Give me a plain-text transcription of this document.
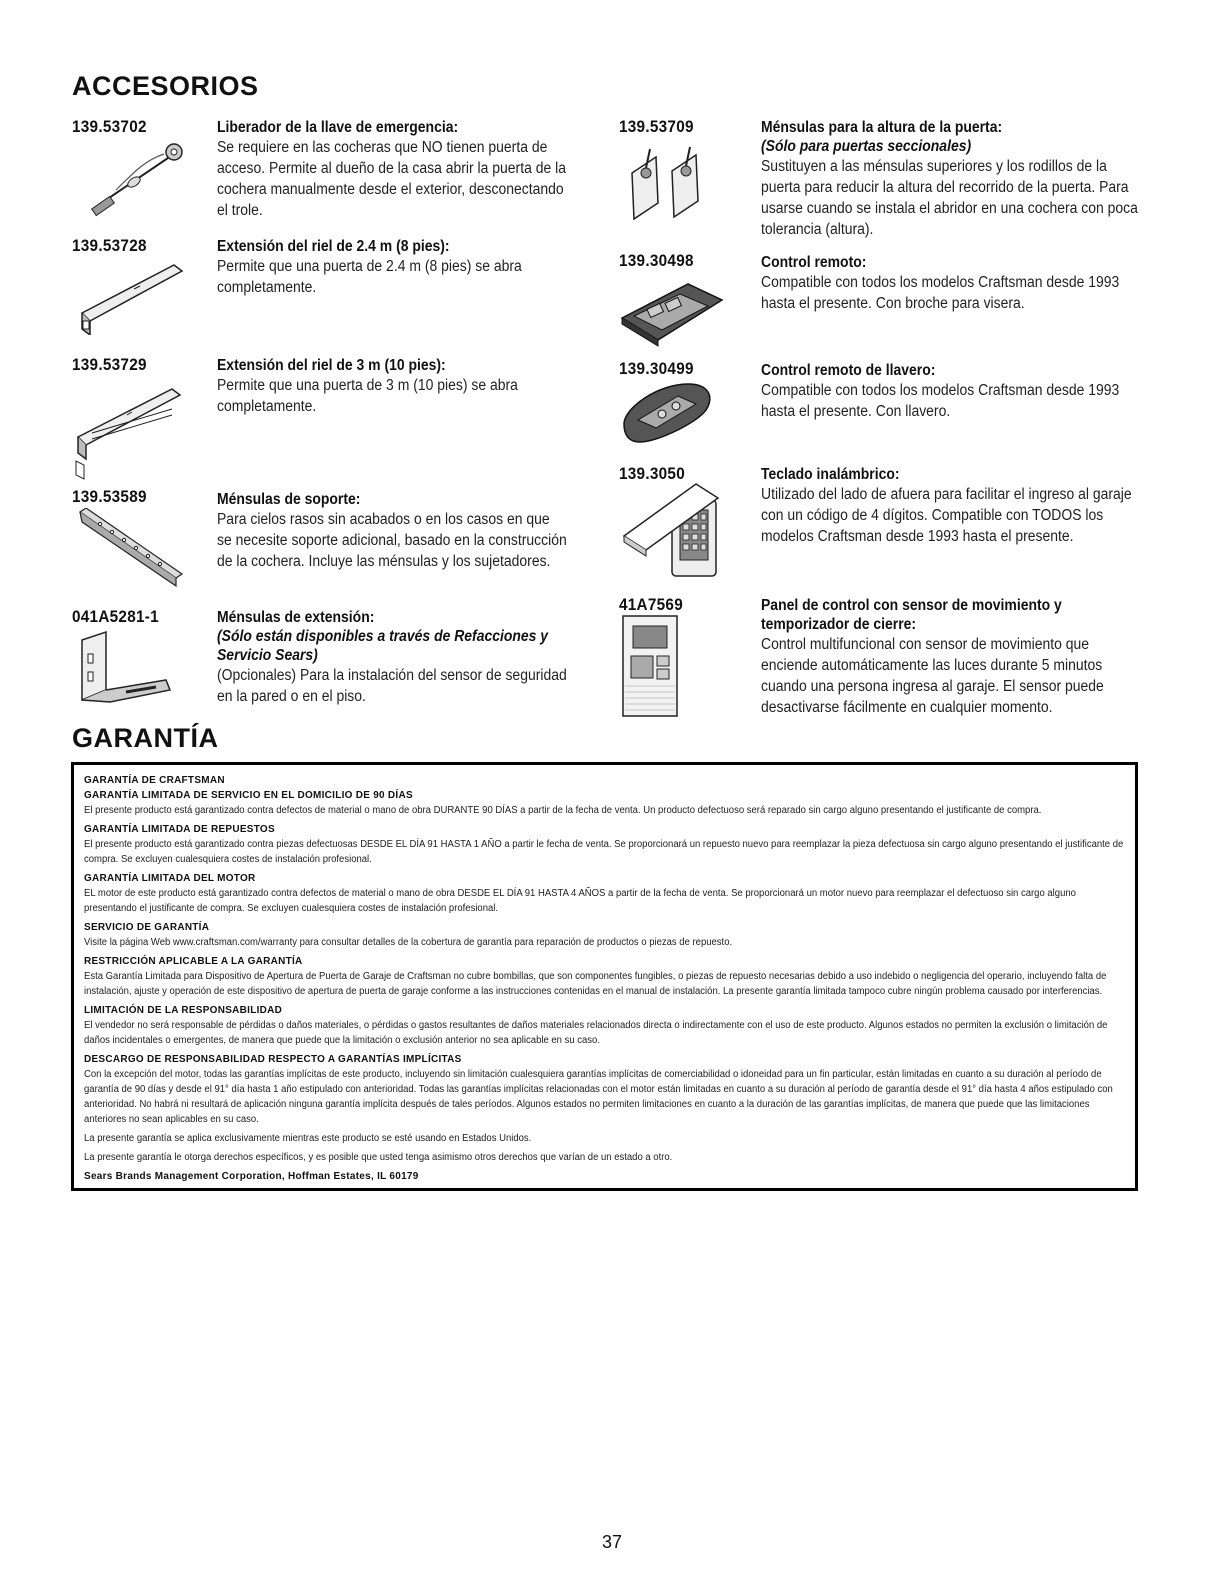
ACCESORIOS
139.53702	Liberador de la llave de emergencia:
Se requiere en las cocheras que NO tienen puerta de acceso. Permite al dueño de la casa abrir la puerta de la cochera manualmente desde el exterior, desconectando el trole.
139.53728	Extensión del riel de 2.4 m (8 pies):
Permite que una puerta de 2.4 m (8 pies) se abra completamente.
139.53729	Extensión del riel de 3 m (10 pies):
Permite que una puerta de 3 m (10 pies) se abra completamente.
139.53589	Ménsulas de soporte:
Para cielos rasos sin acabados o en los casos en que se necesite soporte adicional, basado en la construcción de la cochera. Incluye las ménsulas y los sujetadores.
041A5281-1	Ménsulas de extensión:
(Sólo están disponibles a través de Refacciones y Servicio Sears)
(Opcionales) Para la instalación del sensor de seguridad en la pared o en el piso.
139.53709	Ménsulas para la altura de la puerta:
(Sólo para puertas seccionales)
Sustituyen a las ménsulas superiores y los rodillos de la puerta para reducir la altura del recorrido de la puerta. Para usarse cuando se instala el abridor en una cochera con poca tolerancia (altura).
139.30498	Control remoto:
Compatible con todos los modelos Craftsman desde 1993 hasta el presente. Con broche para visera.
139.30499	Control remoto de llavero:
Compatible con todos los modelos Craftsman desde 1993 hasta el presente. Con llavero.
139.3050	Teclado inalámbrico:
Utilizado del lado de afuera para facilitar el ingreso al garaje con un código de 4 dígitos. Compatible con TODOS los modelos Craftsman desde 1993 hasta el presente.
41A7569	Panel de control con sensor de movimiento y temporizador de cierre:
Control multifuncional con sensor de movimiento que enciende automáticamente las luces durante 5 minutos cuando una persona ingresa al garaje. El sensor puede desactivarse fácilmente en cualquier momento.
GARANTÍA
GARANTÍA DE CRAFTSMAN
GARANTÍA LIMITADA DE SERVICIO EN EL DOMICILIO DE 90 DÍAS
El presente producto está garantizado contra defectos de material o mano de obra DURANTE 90 DÍAS a partir de la fecha de venta. Un producto defectuoso será reparado sin cargo alguno presentando el justificante de compra.
GARANTÍA LIMITADA DE REPUESTOS
El presente producto está garantizado contra piezas defectuosas DESDE EL DÍA 91 HASTA 1 AÑO a partir le fecha de venta. Se proporcionará un repuesto nuevo para reemplazar la pieza defectuosa sin cargo alguno presentando el justificante de compra. Se excluyen cualesquiera costes de instalación profesional.
GARANTÍA LIMITADA DEL MOTOR
EL motor de este producto está garantizado contra defectos de material o mano de obra DESDE EL DÍA 91 HASTA 4 AÑOS a partir de la fecha de venta. Se proporcionará un motor nuevo para reemplazar el defectuoso sin cargo alguno presentando el justificante de compra. Se excluyen cualesquiera costes de instalación profesional.
SERVICIO DE GARANTÍA
Visite la página Web www.craftsman.com/warranty para consultar detalles de la cobertura de garantía para reparación de productos o piezas de repuesto.
RESTRICCIÓN APLICABLE A LA GARANTÍA
Esta Garantía Limitada para Dispositivo de Apertura de Puerta de Garaje de Craftsman no cubre bombillas, que son componentes fungibles, o piezas de repuesto necesarias debido a uso indebido o negligencia del operario, incluyendo falta de instalación, ajuste y operación de este dispositivo de apertura de puerta de garaje conforme a las instrucciones contenidas en el manual de instalación. La presente garantía limitada tampoco cubre ningún problema causado por interferencias.
LIMITACIÓN DE LA RESPONSABILIDAD
El vendedor no será responsable de pérdidas o daños materiales, o pérdidas o gastos resultantes de daños materiales relacionados directa o indirectamente con el uso de este producto. Algunos estados no permiten la exclusión o limitación de daños incidentales o emergentes, de manera que puede que la limitación o exclusión anterior no sea aplicable en su caso.
DESCARGO DE RESPONSABILIDAD RESPECTO A GARANTÍAS IMPLÍCITAS
Con la excepción del motor, todas las garantías implícitas de este producto, incluyendo sin limitación cualesquiera garantías implícitas de comerciabilidad o idoneidad para un fin particular, están limitadas en cuanto a su duración al período de garantía de 90 días y desde el 91° día hasta 1 año estipulado con anterioridad. Todas las garantías implícitas relacionadas con el motor están limitadas en cuanto a su duración al período de garantía desde el 91° día hasta 4 años estipulado con anterioridad. No habrá ni resultará de aplicación ninguna garantía implícita después de tales períodos. Algunos estados no permiten limitaciones en cuanto a la duración de las garantías implícitas, de manera que puede que las limitaciones anteriores no sean aplicables en su caso.
La presente garantía se aplica exclusivamente mientras este producto se esté usando en Estados Unidos.
La presente garantía le otorga derechos específicos, y es posible que usted tenga asimismo otros derechos que varían de un estado a otro.
Sears Brands Management Corporation, Hoffman Estates, IL 60179
37
